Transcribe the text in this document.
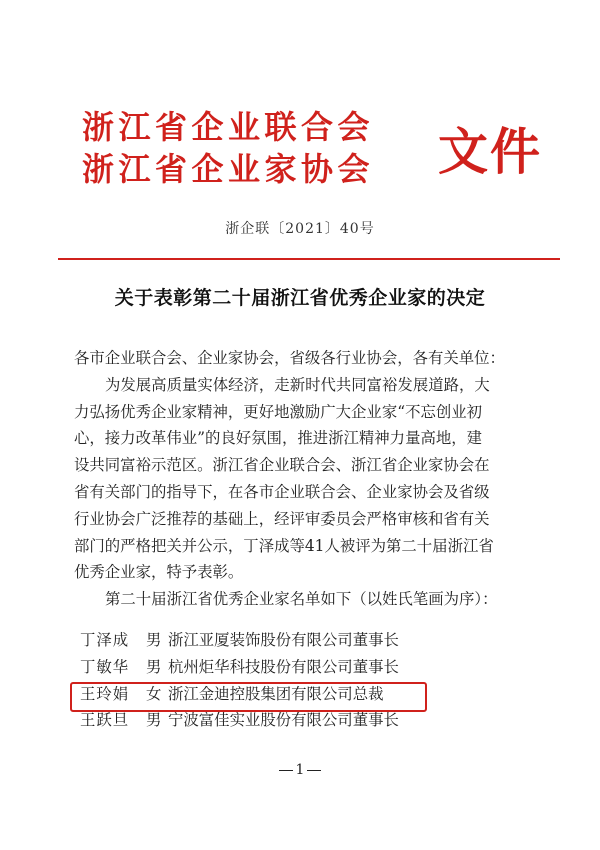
浙江省企业联合会
浙江省企业家协会 文件
浙企联〔2021〕40号
关于表彰第二十届浙江省优秀企业家的决定
各市企业联合会、企业家协会，省级各行业协会，各有关单位：
为发展高质量实体经济，走新时代共同富裕发展道路，大
力弘扬优秀企业家精神，更好地激励广大企业家“不忘创业初
心，接力改革伟业”的良好氛围，推进浙江精神力量高地，建
设共同富裕示范区。浙江省企业联合会、浙江省企业家协会在
省有关部门的指导下，在各市企业联合会、企业家协会及省级
行业协会广泛推荐的基础上，经评审委员会严格审核和省有关
部门的严格把关并公示，丁泽成等41人被评为第二十届浙江省
优秀企业家，特予表彰。
第二十届浙江省优秀企业家名单如下（以姓氏笔画为序）：
丁泽成 男 浙江亚厦装饰股份有限公司董事长
丁敏华 男 杭州炬华科技股份有限公司董事长
王玲娟 女 浙江金迪控股集团有限公司总裁
王跃旦 男 宁波富佳实业股份有限公司董事长
1
